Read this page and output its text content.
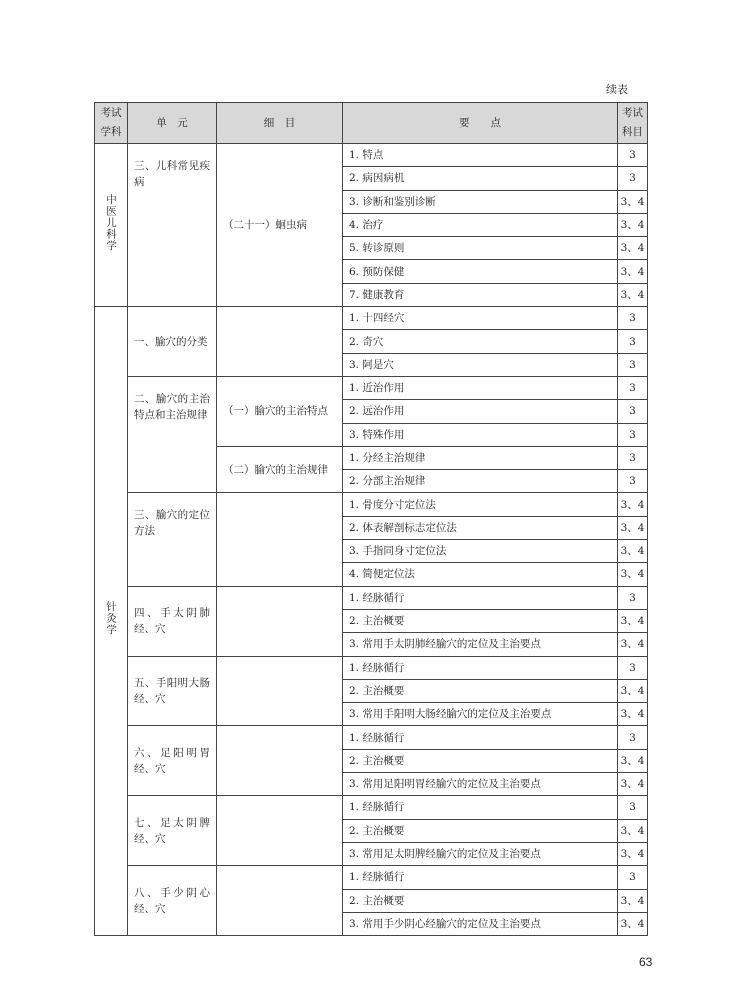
续表
考试学科	单　元	细　目	要　　点	考试科目
中医儿科学	三、儿科常见疾病	（二十一）蛔虫病	1. 特点	3
			2. 病因病机	3
			3. 诊断和鉴别诊断	3、4
			4. 治疗	3、4
			5. 转诊原则	3、4
			6. 预防保健	3、4
			7. 健康教育	3、4
针灸学	一、腧穴的分类		1. 十四经穴	3
			2. 奇穴	3
			3. 阿是穴	3
	二、腧穴的主治特点和主治规律	（一）腧穴的主治特点	1. 近治作用	3
			2. 远治作用	3
			3. 特殊作用	3
		（二）腧穴的主治规律	1. 分经主治规律	3
			2. 分部主治规律	3
	三、腧穴的定位方法		1. 骨度分寸定位法	3、4
			2. 体表解剖标志定位法	3、4
			3. 手指同身寸定位法	3、4
			4. 简便定位法	3、4
	四、手太阴肺经、穴		1. 经脉循行	3
			2. 主治概要	3、4
			3. 常用手太阴肺经腧穴的定位及主治要点	3、4
	五、手阳明大肠经、穴		1. 经脉循行	3
			2. 主治概要	3、4
			3. 常用手阳明大肠经腧穴的定位及主治要点	3、4
	六、足阳明胃经、穴		1. 经脉循行	3
			2. 主治概要	3、4
			3. 常用足阳明胃经腧穴的定位及主治要点	3、4
	七、足太阴脾经、穴		1. 经脉循行	3
			2. 主治概要	3、4
			3. 常用足太阴脾经腧穴的定位及主治要点	3、4
	八、手少阴心经、穴		1. 经脉循行	3
			2. 主治概要	3、4
			3. 常用手少阴心经腧穴的定位及主治要点	3、4
63
